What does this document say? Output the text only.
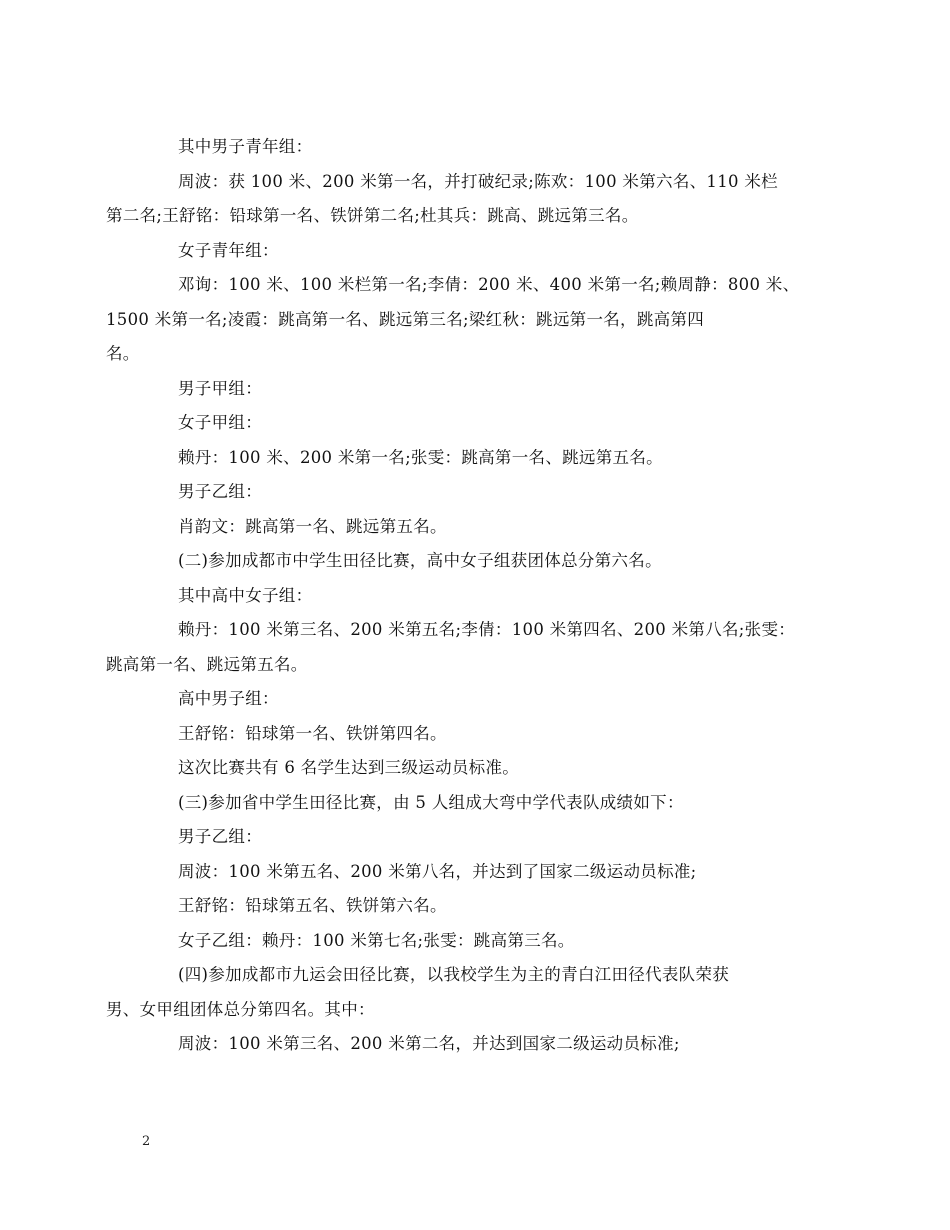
其中男子青年组：

周波：获 100 米、200 米第一名，并打破纪录;陈欢：100 米第六名、110 米栏
第二名;王舒铭：铅球第一名、铁饼第二名;杜其兵：跳高、跳远第三名。

女子青年组：

邓询：100 米、100 米栏第一名;李倩：200 米、400 米第一名;赖周静：800 米、
1500 米第一名;凌霞：跳高第一名、跳远第三名;梁红秋：跳远第一名，跳高第四
名。

男子甲组：

女子甲组：

赖丹：100 米、200 米第一名;张雯：跳高第一名、跳远第五名。

男子乙组：

肖韵文：跳高第一名、跳远第五名。

(二)参加成都市中学生田径比赛，高中女子组获团体总分第六名。

其中高中女子组：

赖丹：100 米第三名、200 米第五名;李倩：100 米第四名、200 米第八名;张雯：
跳高第一名、跳远第五名。

高中男子组：

王舒铭：铅球第一名、铁饼第四名。

这次比赛共有 6 名学生达到三级运动员标准。

(三)参加省中学生田径比赛，由 5 人组成大弯中学代表队成绩如下：

男子乙组：

周波：100 米第五名、200 米第八名，并达到了国家二级运动员标准;

王舒铭：铅球第五名、铁饼第六名。

女子乙组：赖丹：100 米第七名;张雯：跳高第三名。

(四)参加成都市九运会田径比赛，以我校学生为主的青白江田径代表队荣获
男、女甲组团体总分第四名。其中：

周波：100 米第三名、200 米第二名，并达到国家二级运动员标准;

2
